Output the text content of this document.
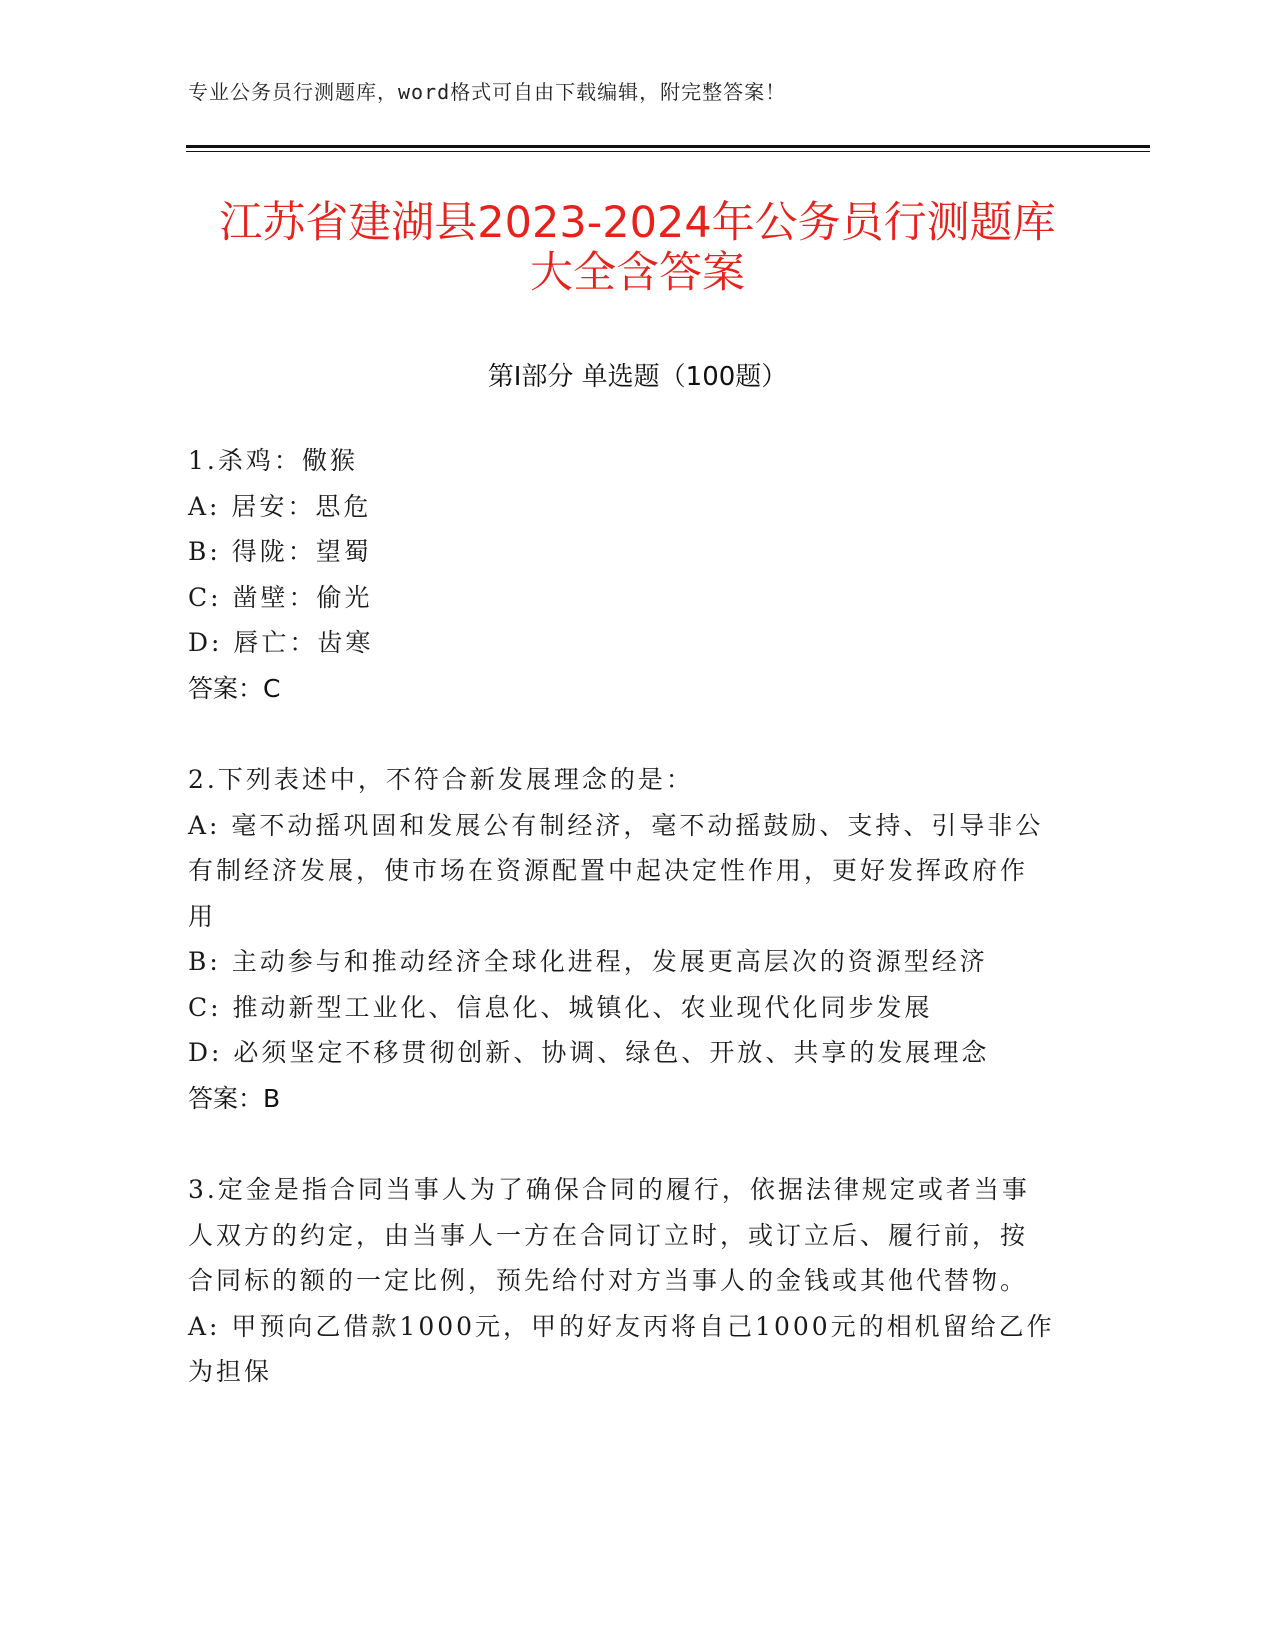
专业公务员行测题库，word格式可自由下载编辑，附完整答案！
江苏省建湖县2023-2024年公务员行测题库
大全含答案
第Ⅰ部分 单选题（100题）
1.杀鸡：儆猴
A: 居安：思危
B: 得陇：望蜀
C: 凿壁：偷光
D: 唇亡：齿寒
答案：C
2.下列表述中，不符合新发展理念的是：
A: 毫不动摇巩固和发展公有制经济，毫不动摇鼓励、支持、引导非公
有制经济发展，使市场在资源配置中起决定性作用，更好发挥政府作
用
B: 主动参与和推动经济全球化进程，发展更高层次的资源型经济
C: 推动新型工业化、信息化、城镇化、农业现代化同步发展
D: 必须坚定不移贯彻创新、协调、绿色、开放、共享的发展理念
答案：B
3.定金是指合同当事人为了确保合同的履行，依据法律规定或者当事
人双方的约定，由当事人一方在合同订立时，或订立后、履行前，按
合同标的额的一定比例，预先给付对方当事人的金钱或其他代替物。
A: 甲预向乙借款1000元，甲的好友丙将自己1000元的相机留给乙作
为担保
